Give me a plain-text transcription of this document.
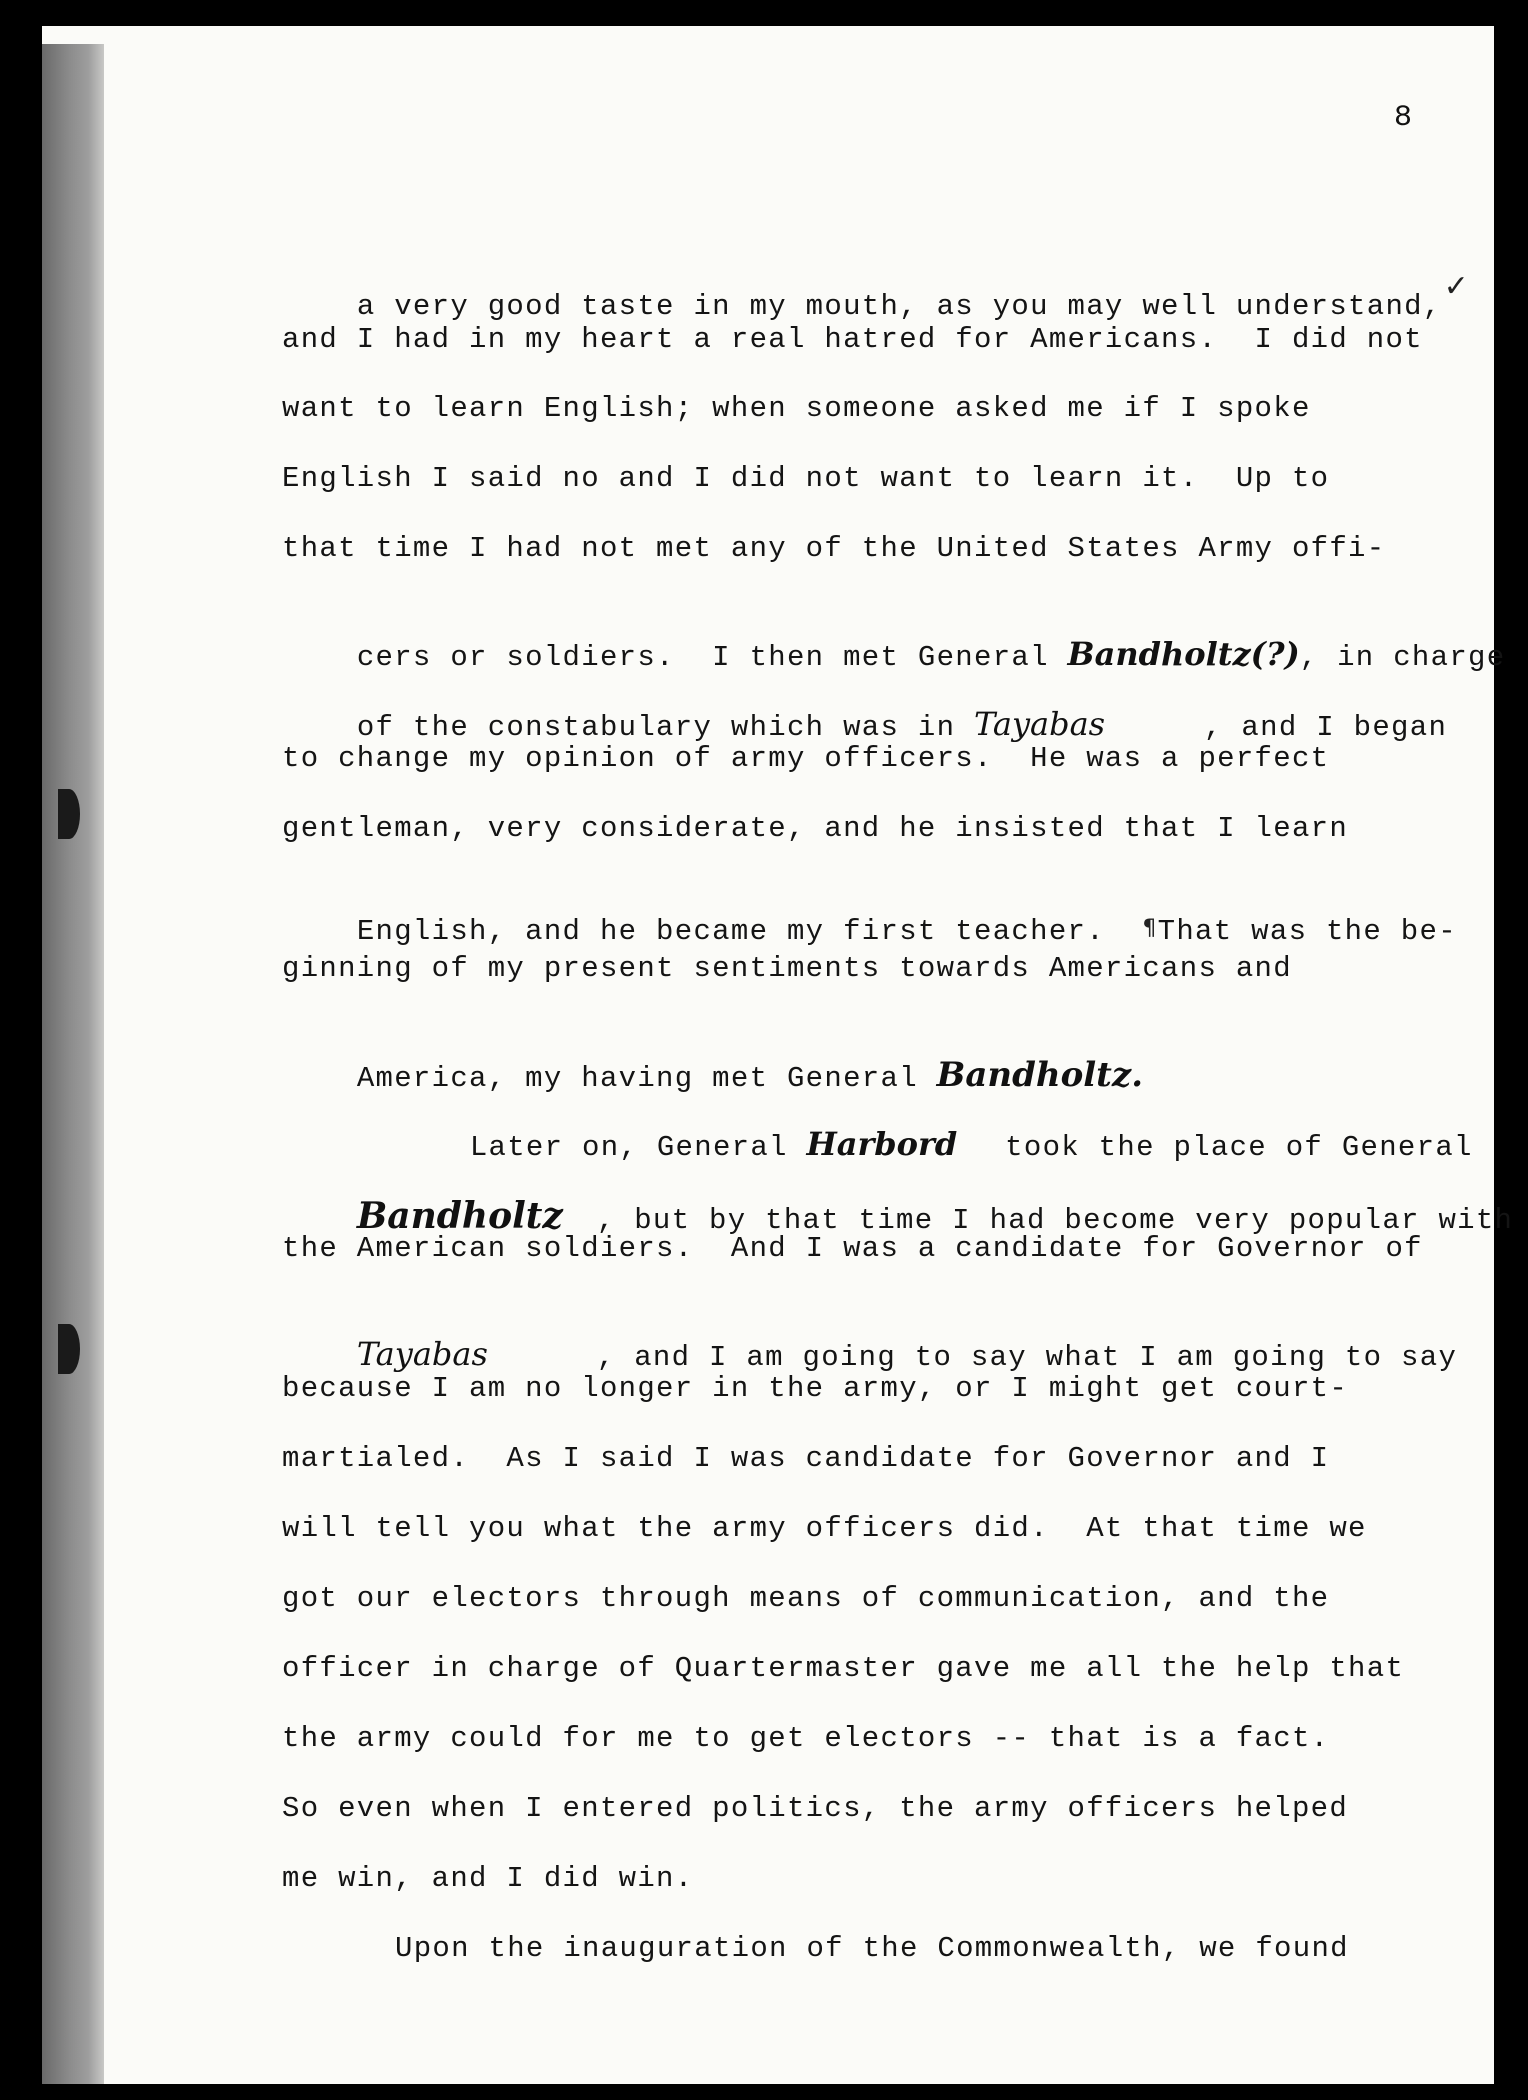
8

a very good taste in my mouth, as you may well understand,✓

and I had in my heart a real hatred for Americans.  I did not
want to learn English; when someone asked me if I spoke
English I said no and I did not want to learn it.  Up to
that time I had not met any of the United States Army offi-

cers or soldiers.  I then met General Bandholtz(?), in charge

of the constabulary which was in Tayabas	, and I began

to change my opinion of army officers.  He was a perfect
gentleman, very considerate, and he insisted that I learn

English, and he became my first teacher.  ¶That was the be-

ginning of my present sentiments towards Americans and

America, my having met General Bandholtz.

Later on, General Harbord took the place of General

Bandholtz , but by that time I had become very popular with

the American soldiers.  And I was a candidate for Governor of

Tayabas	, and I am going to say what I am going to say

because I am no longer in the army, or I might get court-
martialed.  As I said I was candidate for Governor and I
will tell you what the army officers did.  At that time we
got our electors through means of communication, and the
officer in charge of Quartermaster gave me all the help that
the army could for me to get electors -- that is a fact.
So even when I entered politics, the army officers helped
me win, and I did win.
Upon the inauguration of the Commonwealth, we found
